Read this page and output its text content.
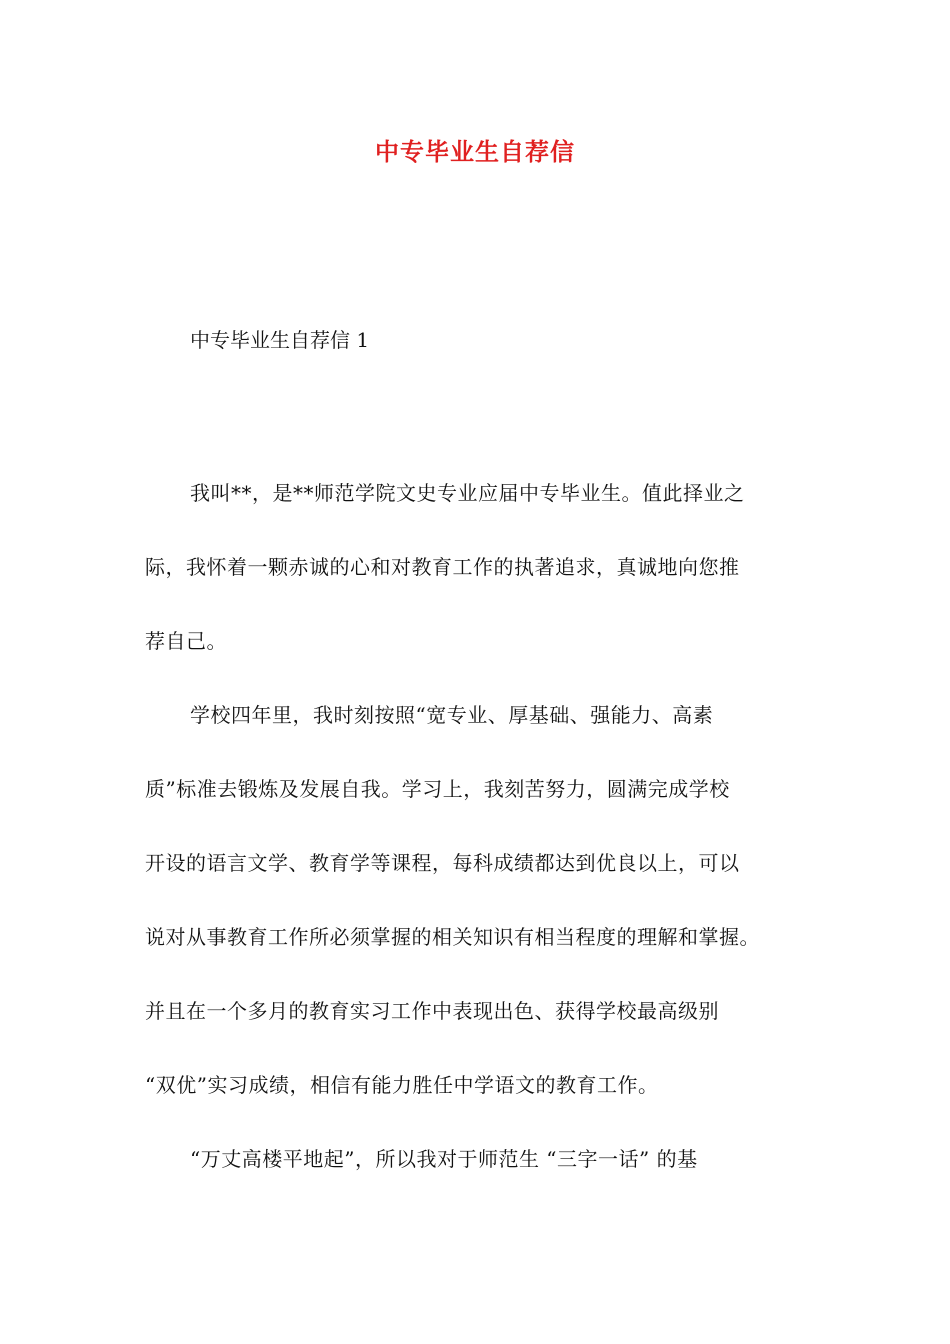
中专毕业生自荐信

中专毕业生自荐信 1

我叫**，是**师范学院文史专业应届中专毕业生。值此择业之
际，我怀着一颗赤诚的心和对教育工作的执著追求，真诚地向您推
荐自己。
学校四年里，我时刻按照“宽专业、厚基础、强能力、高素
质”标准去锻炼及发展自我。学习上，我刻苦努力，圆满完成学校
开设的语言文学、教育学等课程，每科成绩都达到优良以上，可以
说对从事教育工作所必须掌握的相关知识有相当程度的理解和掌握。
并且在一个多月的教育实习工作中表现出色、获得学校最高级别
“双优”实习成绩，相信有能力胜任中学语文的教育工作。
“万丈高楼平地起”，所以我对于师范生 “三字一话” 的基
